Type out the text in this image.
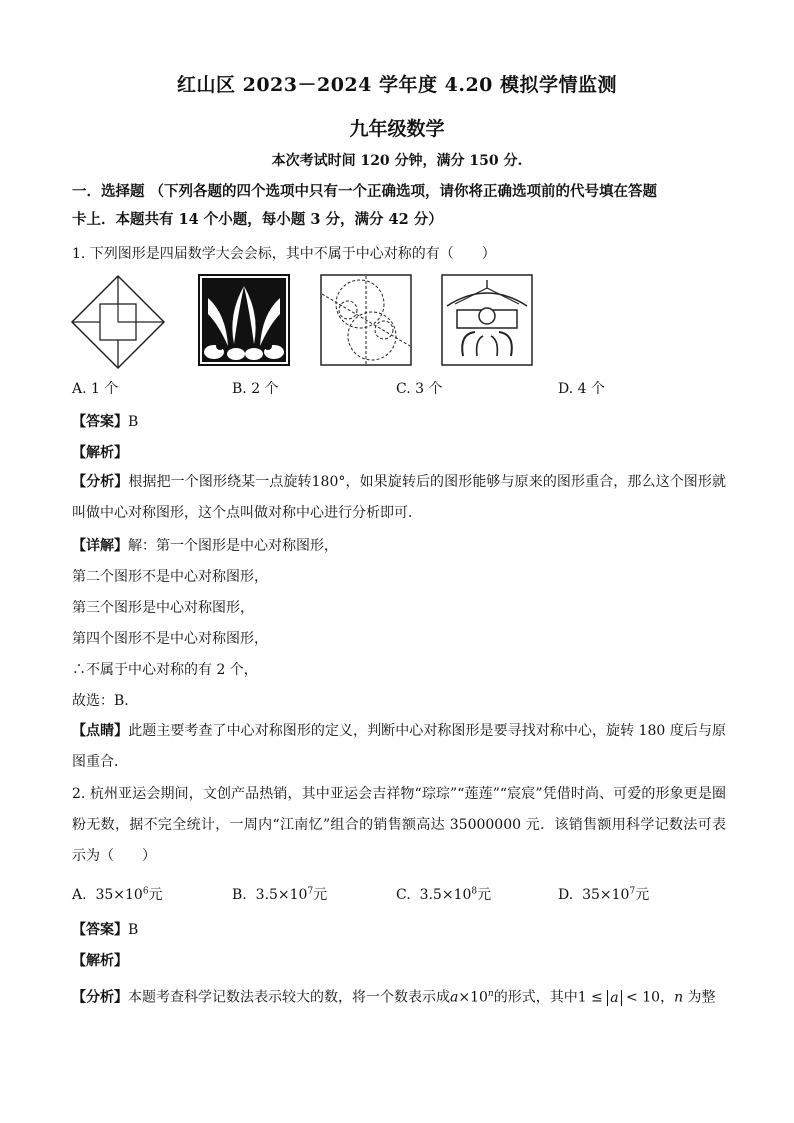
红山区 2023－2024 学年度 4.20 模拟学情监测
九年级数学
本次考试时间 120 分钟，满分 150 分.
一．选择题 （下列各题的四个选项中只有一个正确选项，请你将正确选项前的代号填在答题
卡上．本题共有 14 个小题，每小题 3 分，满分 42 分）
1. 下列图形是四届数学大会会标，其中不属于中心对称的有（　　）
A. 1 个	B. 2 个	C. 3 个	D. 4 个
【答案】B
【解析】
【分析】根据把一个图形绕某一点旋转180°，如果旋转后的图形能够与原来的图形重合，那么这个图形就叫做中心对称图形，这个点叫做对称中心进行分析即可．
【详解】解：第一个图形是中心对称图形，
第二个图形不是中心对称图形，
第三个图形是中心对称图形，
第四个图形不是中心对称图形，
∴不属于中心对称的有 2 个，
故选：B．
【点睛】此题主要考查了中心对称图形的定义，判断中心对称图形是要寻找对称中心，旋转 180 度后与原图重合．
2. 杭州亚运会期间，文创产品热销，其中亚运会吉祥物“琮琮”“莲莲”“宸宸”凭借时尚、可爱的形象更是圈粉无数，据不完全统计，一周内“江南忆”组合的销售额高达 35000000 元．该销售额用科学记数法可表示为（　　）
A. $35\times 10^6$元	B. $3.5\times 10^7$元	C. $3.5\times 10^8$元	D. $35\times 10^7$元
【答案】B
【解析】
【分析】本题考查科学记数法表示较大的数，将一个数表示成$a\times 10^n$的形式，其中1 ≤ a < 10，n 为整
